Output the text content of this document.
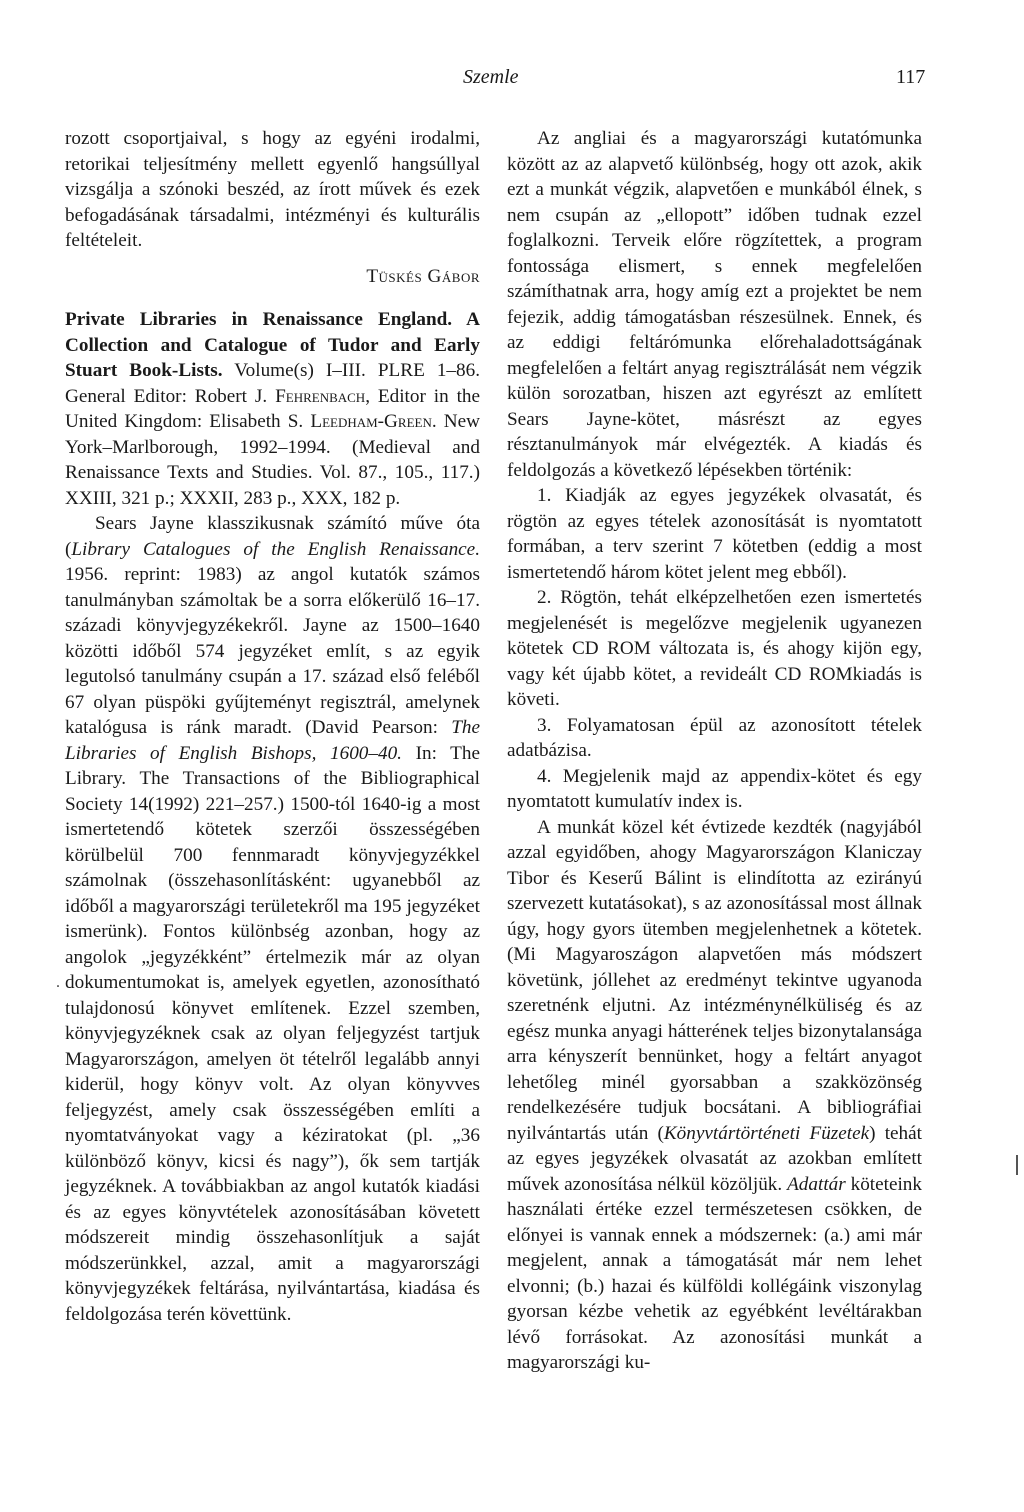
Szemle	117

rozott csoportjaival, s hogy az egyéni irodalmi, retorikai teljesítmény mellett egyenlő hangsúllyal vizsgálja a szónoki beszéd, az írott művek és ezek befogadásának társadalmi, intézményi és kulturális feltételeit.

Tüskés Gábor

Private Libraries in Renaissance England. A Collection and Catalogue of Tudor and Early Stuart Book-Lists. Volume(s) I–III. PLRE 1–86. General Editor: Robert J. Fehrenbach, Editor in the United Kingdom: Elisabeth S. Leedham-Green. New York–Marlborough, 1992–1994. (Medieval and Renaissance Texts and Studies. Vol. 87., 105., 117.) XXIII, 321 p.; XXXII, 283 p., XXX, 182 p.

Sears Jayne klasszikusnak számító műve óta (Library Catalogues of the English Renaissance. 1956. reprint: 1983) az angol kutatók számos tanulmányban számoltak be a sorra előkerülő 16–17. századi könyvjegyzékekről. Jayne az 1500–1640 közötti időből 574 jegyzéket említ, s az egyik legutolsó tanulmány csupán a 17. század első feléből 67 olyan püspöki gyűjteményt regisztrál, amelynek katalógusa is ránk maradt. (David Pearson: The Libraries of English Bishops, 1600–40. In: The Library. The Transactions of the Bibliographical Society 14(1992) 221–257.) 1500-tól 1640-ig a most ismertetendő kötetek szerzői összességében körülbelül 700 fennmaradt könyvjegyzékkel számolnak (összehasonlításként: ugyanebből az időből a magyarországi területekről ma 195 jegyzéket ismerünk). Fontos különbség azonban, hogy az angolok „jegyzékként” értelmezik már az olyan dokumentumokat is, amelyek egyetlen, azonosítható tulajdonosú könyvet említenek. Ezzel szemben, könyvjegyzéknek csak az olyan feljegyzést tartjuk Magyarországon, amelyen öt tételről legalább annyi kiderül, hogy könyv volt. Az olyan könyvves feljegyzést, amely csak összességében említi a nyomtatványokat vagy a kéziratokat (pl. „36 különböző könyv, kicsi és nagy”), ők sem tartják jegyzéknek. A továbbiakban az angol kutatók kiadási és az egyes könyvtételek azonosításában követett módszereit mindig összehasonlítjuk a saját módszerünkkel, azzal, amit a magyarországi könyvjegyzékek feltárása, nyilvántartása, kiadása és feldolgozása terén követtünk.

.

Az angliai és a magyarországi kutatómunka között az az alapvető különbség, hogy ott azok, akik ezt a munkát végzik, alapvetően e munkából élnek, s nem csupán az „ellopott” időben tudnak ezzel foglalkozni. Terveik előre rögzítettek, a program fontossága elismert, s ennek megfelelően számíthatnak arra, hogy amíg ezt a projektet be nem fejezik, addig támogatásban részesülnek. Ennek, és az eddigi feltárómunka előrehaladottságának megfelelően a feltárt anyag regisztrálását nem végzik külön sorozatban, hiszen azt egyrészt az említett Sears Jayne-kötet, másrészt az egyes résztanulmányok már elvégezték. A kiadás és feldolgozás a következő lépésekben történik:

1. Kiadják az egyes jegyzékek olvasatát, és rögtön az egyes tételek azonosítását is nyomtatott formában, a terv szerint 7 kötetben (eddig a most ismertetendő három kötet jelent meg ebből).

2. Rögtön, tehát elképzelhetően ezen ismertetés megjelenését is megelőzve megjelenik ugyanezen kötetek CD ROM változata is, és ahogy kijön egy, vagy két újabb kötet, a revideált CD ROMkiadás is követi.

3. Folyamatosan épül az azonosított tételek adatbázisa.

4. Megjelenik majd az appendix-kötet és egy nyomtatott kumulatív index is.

A munkát közel két évtizede kezdték (nagyjából azzal egyidőben, ahogy Magyarországon Klaniczay Tibor és Keserű Bálint is elindította az ezirányú szervezett kutatásokat), s az azonosítással most állnak úgy, hogy gyors ütemben megjelenhetnek a kötetek. (Mi Magyaroszágon alapvetően más módszert követünk, jóllehet az eredményt tekintve ugyanoda szeretnénk eljutni. Az intézménynélküliség és az egész munka anyagi hátterének teljes bizonytalansága arra kényszerít bennünket, hogy a feltárt anyagot lehetőleg minél gyorsabban a szakközönség rendelkezésére tudjuk bocsátani. A bibliográfiai nyilvántartás után (Könyvtártörténeti Füzetek) tehát az egyes jegyzékek olvasatát az azokban említett művek azonosítása nélkül közöljük. Adattár köteteink használati értéke ezzel természetesen csökken, de előnyei is vannak ennek a módszernek: (a.) ami már megjelent, annak a támogatását már nem lehet elvonni; (b.) hazai és külföldi kollégáink viszonylag gyorsan kézbe vehetik az egyébként levéltárakban lévő forrásokat. Az azonosítási munkát a magyarországi ku-
